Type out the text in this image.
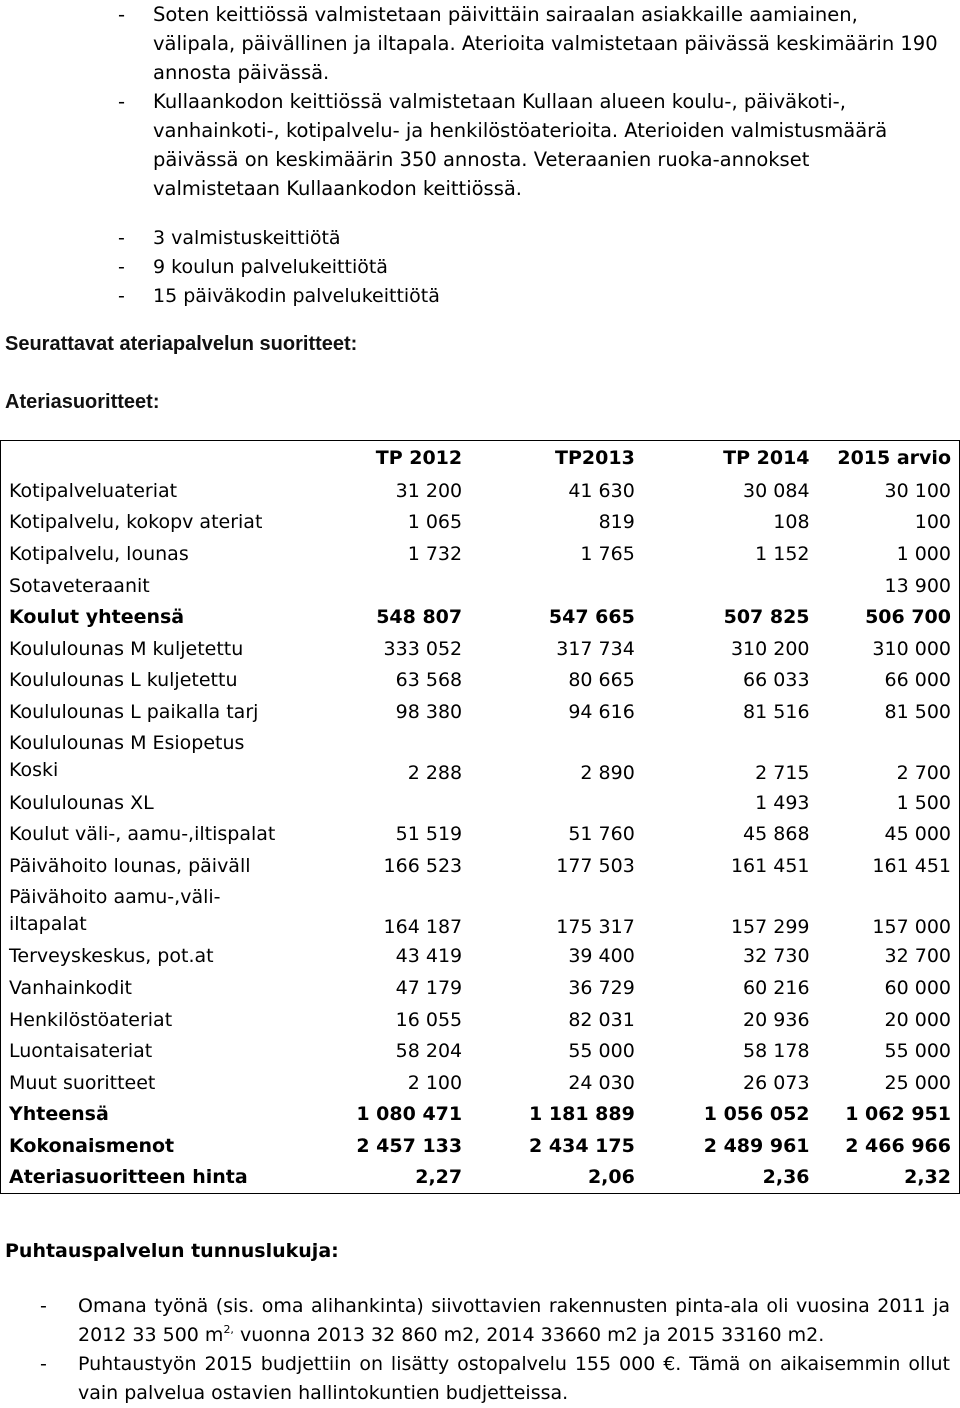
- Soten keittiössä valmistetaan päivittäin sairaalan asiakkaille aamiainen, välipala, päivällinen ja iltapala. Aterioita valmistetaan päivässä keskimäärin 190 annosta päivässä.
- Kullaankodon keittiössä valmistetaan Kullaan alueen koulu-, päiväkoti-, vanhainkoti-, kotipalvelu- ja henkilöstöaterioita. Aterioiden valmistusmäärä päivässä on keskimäärin 350 annosta. Veteraanien ruoka-annokset valmistetaan Kullaankodon keittiössä.
- 3 valmistuskeittiötä
- 9 koulun palvelukeittiötä
- 15 päiväkodin palvelukeittiötä
Seurattavat ateriapalvelun suoritteet:
Ateriasuoritteet:
	TP 2012	TP2013	TP 2014	2015 arvio
Kotipalveluateriat	31 200	41 630	30 084	30 100
Kotipalvelu, kokopv ateriat	1 065	819	108	100
Kotipalvelu, lounas	1 732	1 765	1 152	1 000
Sotaveteraanit				13 900
Koulut yhteensä	548 807	547 665	507 825	506 700
Koululounas M kuljetettu	333 052	317 734	310 200	310 000
Koululounas L kuljetettu	63 568	80 665	66 033	66 000
Koululounas L paikalla tarj	98 380	94 616	81 516	81 500
Koululounas M Esiopetus Koski	2 288	2 890	2 715	2 700
Koululounas XL			1 493	1 500
Koulut väli-, aamu-,iltispalat	51 519	51 760	45 868	45 000
Päivähoito lounas, päiväll	166 523	177 503	161 451	161 451
Päivähoito aamu-,väli-iltapalat	164 187	175 317	157 299	157 000
Terveyskeskus, pot.at	43 419	39 400	32 730	32 700
Vanhainkodit	47 179	36 729	60 216	60 000
Henkilöstöateriat	16 055	82 031	20 936	20 000
Luontaisateriat	58 204	55 000	58 178	55 000
Muut suoritteet	2 100	24 030	26 073	25 000
Yhteensä	1 080 471	1 181 889	1 056 052	1 062 951
Kokonaismenot	2 457 133	2 434 175	2 489 961	2 466 966
Ateriasuoritteen hinta	2,27	2,06	2,36	2,32
Puhtauspalvelun tunnuslukuja:
- Omana työnä (sis. oma alihankinta) siivottavien rakennusten pinta-ala oli vuosina 2011 ja 2012 33 500 $m^{2,}$ vuonna 2013 32 860 m2, 2014 33660 m2 ja 2015 33160 m2.
- Puhtaustyön 2015 budjettiin on lisätty ostopalvelu 155 000 €. Tämä on aikaisemmin ollut vain palvelua ostavien hallintokuntien budjetteissa.
